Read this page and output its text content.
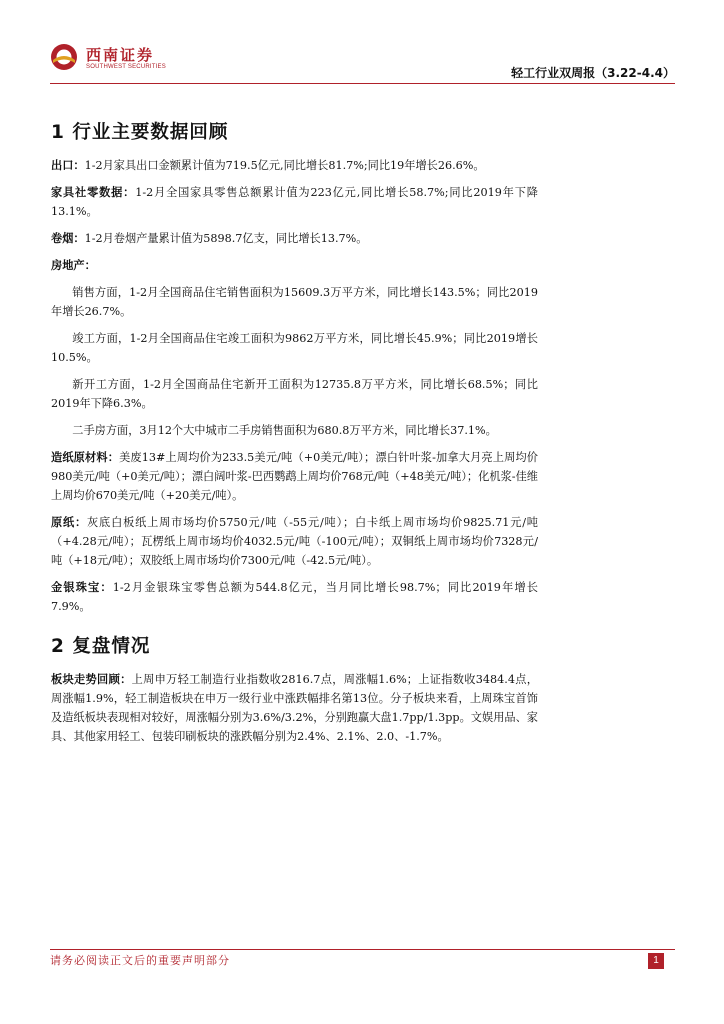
西南证券
SOUTHWEST SECURITIES	轻工行业双周报（3.22-4.4）
1 行业主要数据回顾

出口：1-2月家具出口金额累计值为719.5亿元,同比增长81.7%;同比19年增长26.6%。

家具社零数据：1-2月全国家具零售总额累计值为223亿元,同比增长58.7%;同比2019年下降13.1%。

卷烟：1-2月卷烟产量累计值为5898.7亿支，同比增长13.7%。

房地产：

销售方面，1-2月全国商品住宅销售面积为15609.3万平方米，同比增长143.5%；同比2019年增长26.7%。

竣工方面，1-2月全国商品住宅竣工面积为9862万平方米，同比增长45.9%；同比2019增长10.5%。

新开工方面，1-2月全国商品住宅新开工面积为12735.8万平方米，同比增长68.5%；同比2019年下降6.3%。

二手房方面，3月12个大中城市二手房销售面积为680.8万平方米，同比增长37.1%。

造纸原材料：美废13#上周均价为233.5美元/吨（+0美元/吨）；漂白针叶浆-加拿大月亮上周均价980美元/吨（+0美元/吨）；漂白阔叶浆-巴西鹦鹉上周均价768元/吨（+48美元/吨）；化机浆-佳维上周均价670美元/吨（+20美元/吨）。

原纸：灰底白板纸上周市场均价5750元/吨（-55元/吨）；白卡纸上周市场均价9825.71元/吨（+4.28元/吨）；瓦楞纸上周市场均价4032.5元/吨（-100元/吨）；双铜纸上周市场均价7328元/吨（+18元/吨）；双胶纸上周市场均价7300元/吨（-42.5元/吨）。

金银珠宝：1-2月金银珠宝零售总额为544.8亿元，当月同比增长98.7%；同比2019年增长7.9%。

2 复盘情况

板块走势回顾：上周申万轻工制造行业指数收2816.7点，周涨幅1.6%；上证指数收3484.4点，周涨幅1.9%，轻工制造板块在申万一级行业中涨跌幅排名第13位。分子板块来看，上周珠宝首饰及造纸板块表现相对较好，周涨幅分别为3.6%/3.2%，分别跑赢大盘1.7pp/1.3pp。文娱用品、家具、其他家用轻工、包装印刷板块的涨跌幅分别为2.4%、2.1%、2.0、-1.7%。

请务必阅读正文后的重要声明部分	1
